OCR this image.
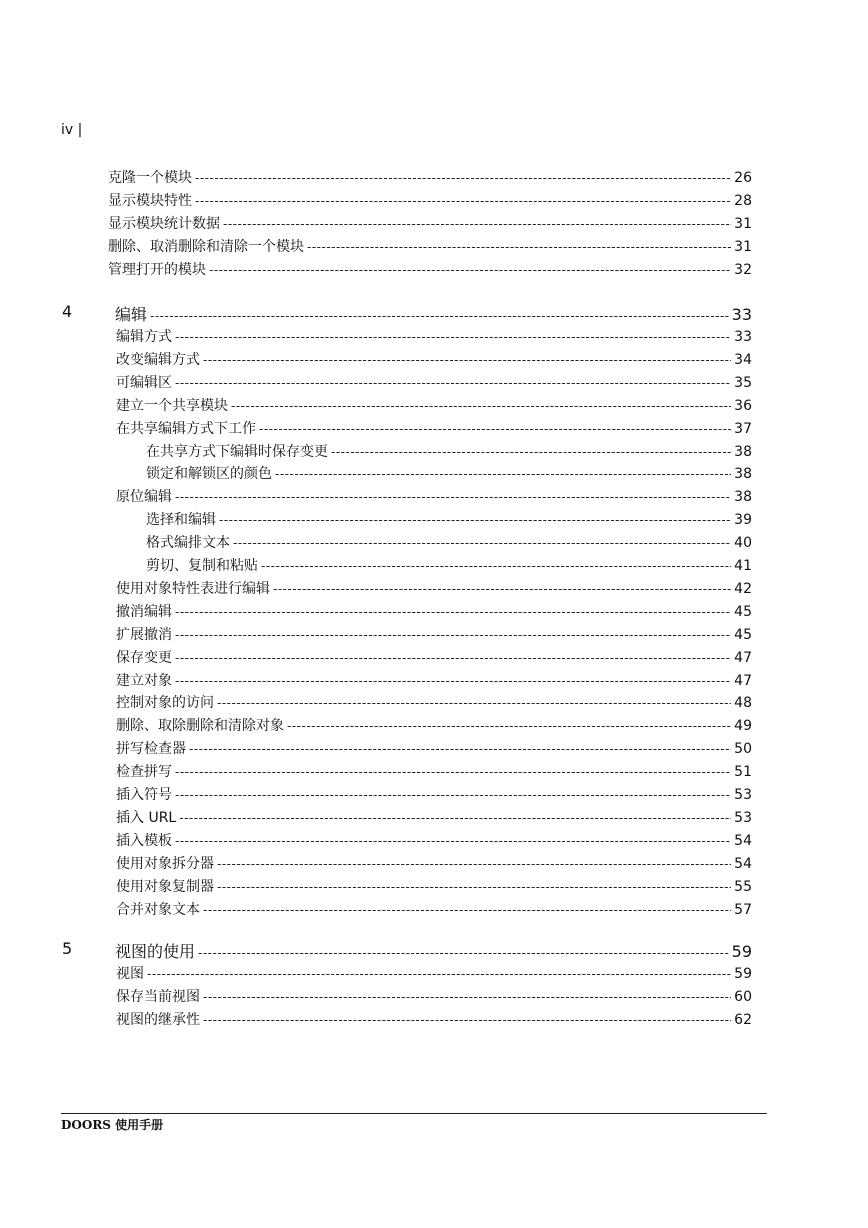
iv |
克隆一个模块 -----	26
显示模块特性 -----	28
显示模块统计数据 -----	31
删除、取消删除和清除一个模块 -----	31
管理打开的模块 -----	32
4	编辑 -----	33
编辑方式 -----	33
改变编辑方式 -----	34
可编辑区 -----	35
建立一个共享模块 -----	36
在共享编辑方式下工作 -----	37
在共享方式下编辑时保存变更 -----	38
锁定和解锁区的颜色 -----	38
原位编辑 -----	38
选择和编辑 -----	39
格式编排文本 -----	40
剪切、复制和粘贴 -----	41
使用对象特性表进行编辑 -----	42
撤消编辑 -----	45
扩展撤消 -----	45
保存变更 -----	47
建立对象 -----	47
控制对象的访问 -----	48
删除、取除删除和清除对象 -----	49
拼写检查器 -----	50
检查拼写 -----	51
插入符号 -----	53
插入 URL -----	53
插入模板 -----	54
使用对象拆分器 -----	54
使用对象复制器 -----	55
合并对象文本 -----	57
5	视图的使用 -----	59
视图 -----	59
保存当前视图 -----	60
视图的继承性 -----	62
DOORS 使用手册
